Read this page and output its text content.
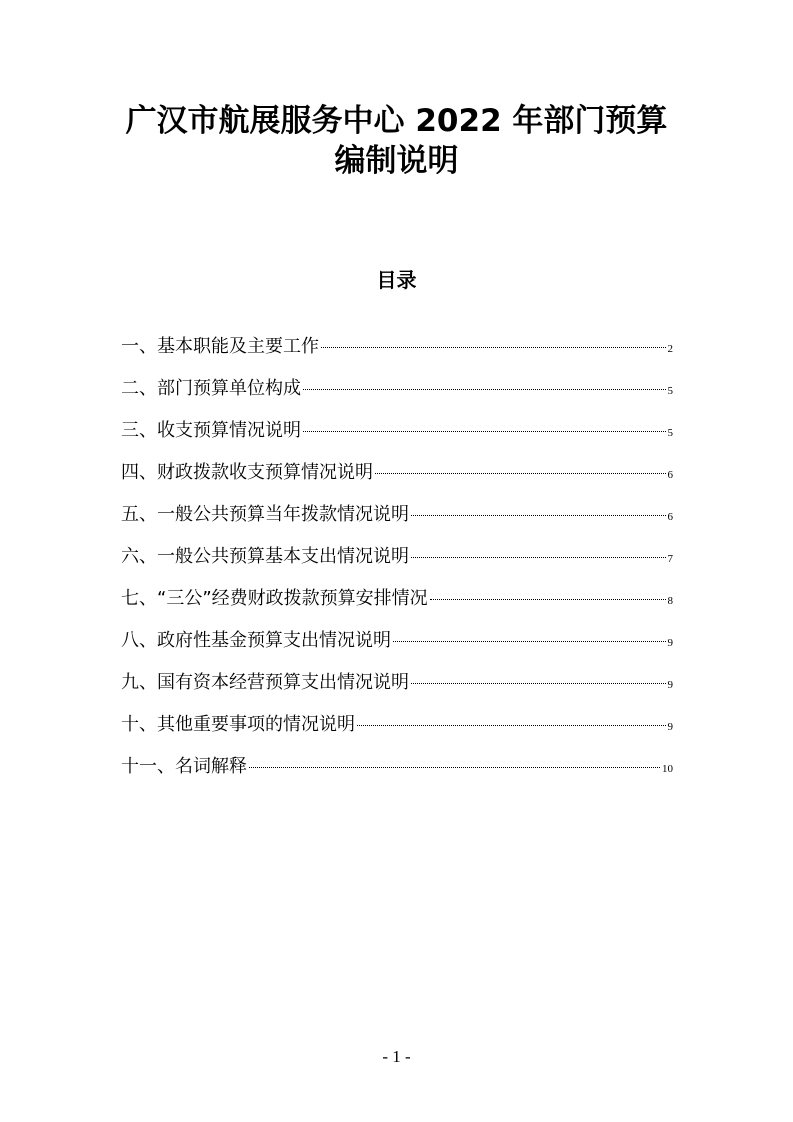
广汉市航展服务中心 2022 年部门预算
编制说明
目录
一、基本职能及主要工作	2
二、部门预算单位构成	5
三、收支预算情况说明	5
四、财政拨款收支预算情况说明	6
五、一般公共预算当年拨款情况说明	6
六、一般公共预算基本支出情况说明	7
七、“三公”经费财政拨款预算安排情况	8
八、政府性基金预算支出情况说明	9
九、国有资本经营预算支出情况说明	9
十、其他重要事项的情况说明	9
十一、名词解释	10
- 1 -
